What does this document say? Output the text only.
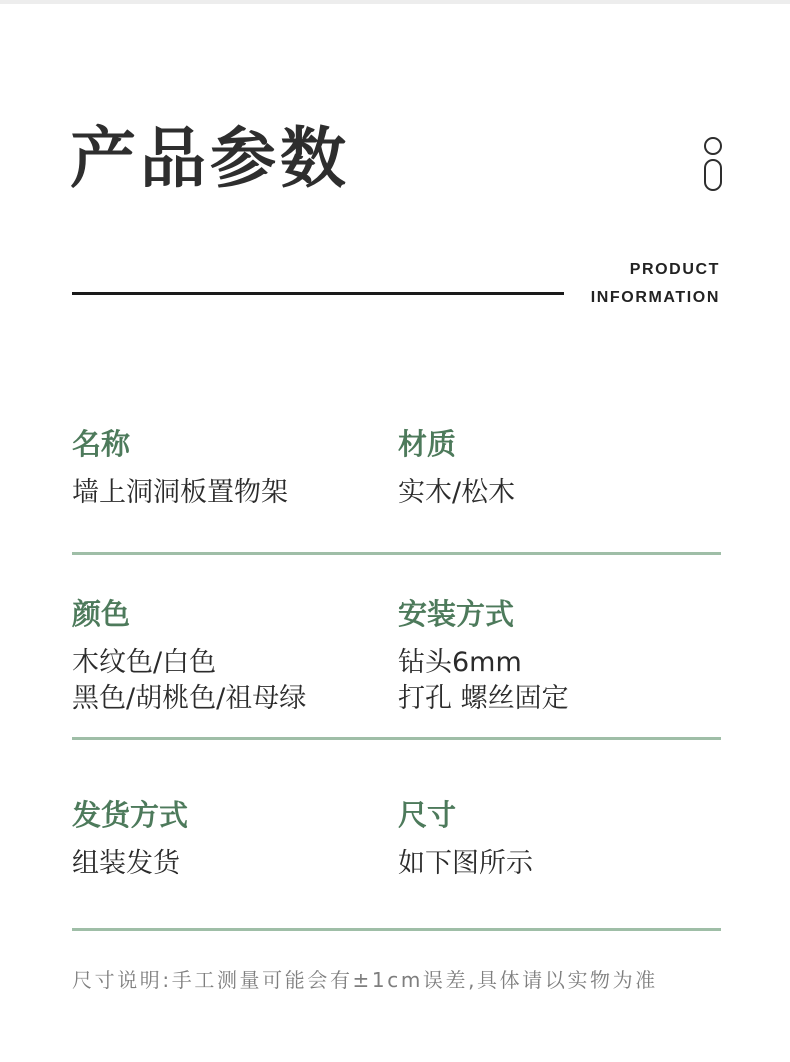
产品参数
PRODUCT
INFORMATION
名称
墙上洞洞板置物架
材质
实木/松木
颜色
木纹色/白色
黑色/胡桃色/祖母绿
安装方式
钻头6mm
打孔 螺丝固定
发货方式
组装发货
尺寸
如下图所示
尺寸说明:手工测量可能会有±1cm误差,具体请以实物为准
